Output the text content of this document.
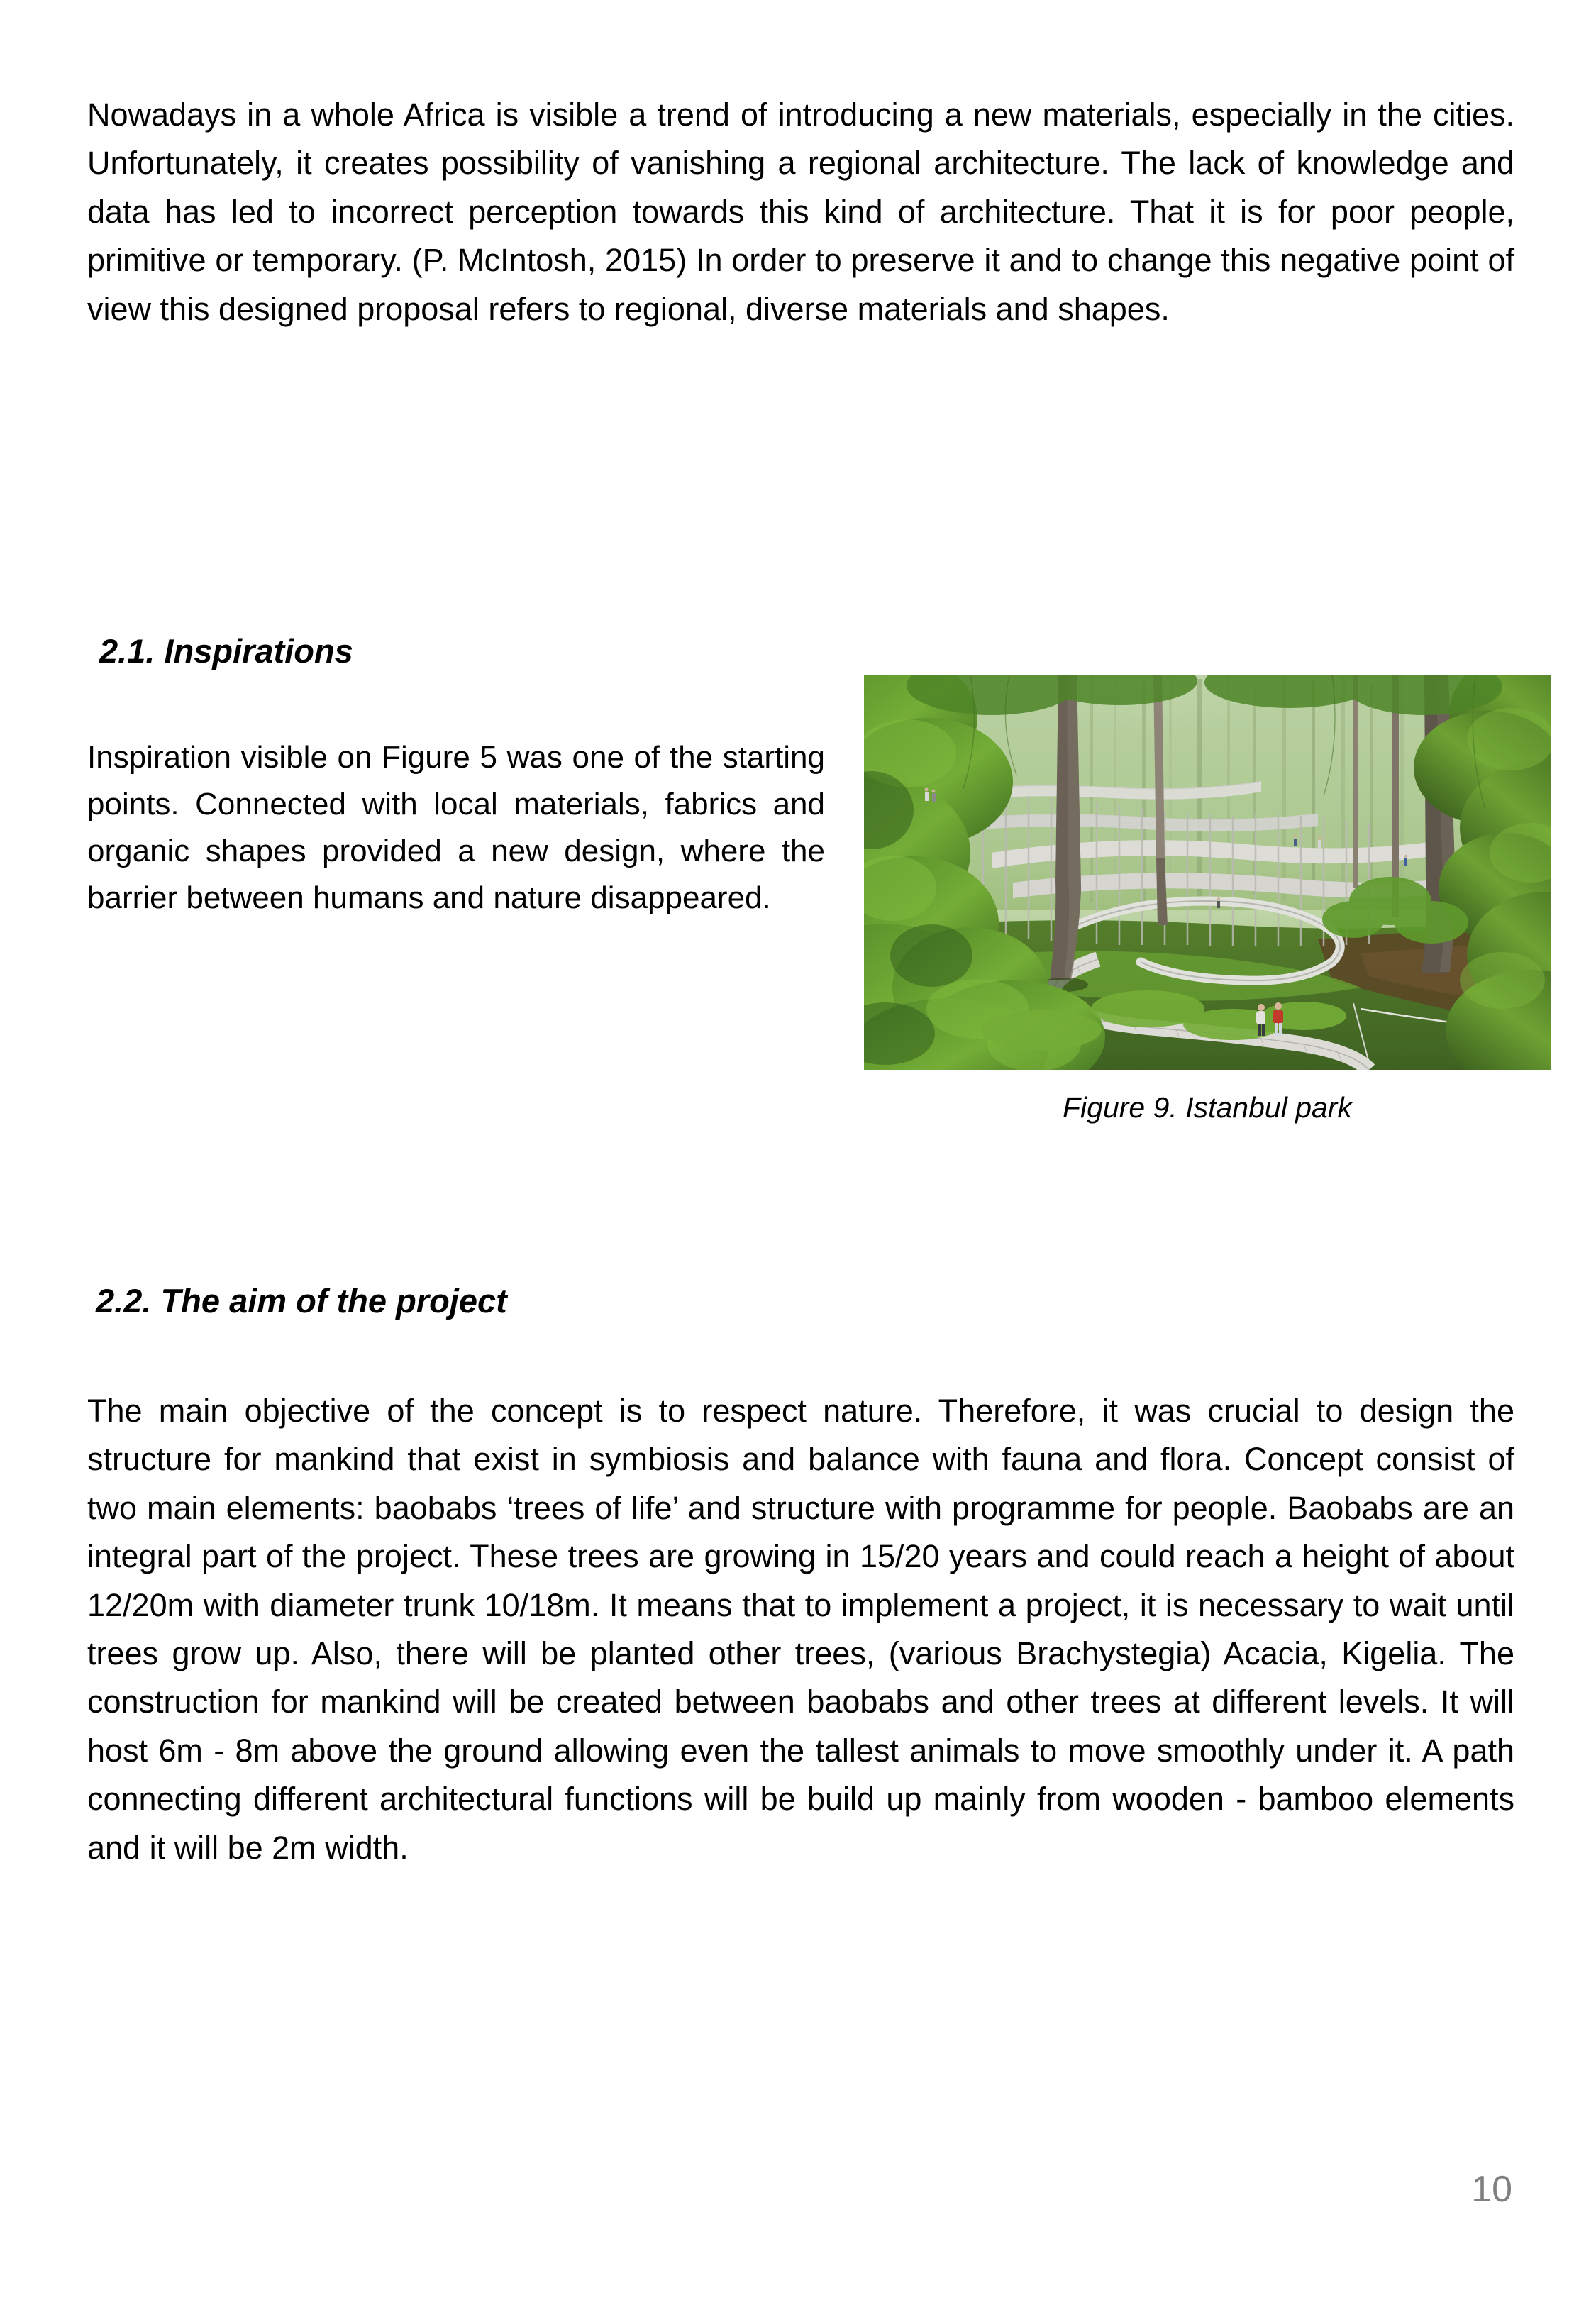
Nowadays in a whole Africa is visible a trend of introducing a new materials, especially in the cities. Unfortunately, it creates possibility of vanishing a regional architecture. The lack of knowledge and data has led to incorrect perception towards this kind of architecture. That it is for poor people, primitive or temporary. (P. McIntosh, 2015) In order to preserve it and to change this negative point of view this designed proposal refers to regional, diverse materials and shapes.
2.1. Inspirations
Inspiration visible on Figure 5 was one of the starting points. Connected with local materials, fabrics and organic shapes provided a new design, where the barrier between humans and nature disappeared.
Figure 9. Istanbul park
2.2. The aim of the project
The main objective of the concept is to respect nature. Therefore, it was crucial to design the structure for mankind that exist in symbiosis and balance with fauna and flora. Concept consist of two main elements: baobabs ‘trees of life’ and structure with programme for people. Baobabs are an integral part of the project. These trees are growing in 15/20 years and could reach a height of about 12/20m with diameter trunk 10/18m. It means that to implement a project, it is necessary to wait until trees grow up. Also, there will be planted other trees, (various Brachystegia) Acacia, Kigelia. The construction for mankind will be created between baobabs and other trees at different levels. It will host 6m - 8m above the ground allowing even the tallest animals to move smoothly under it. A path connecting different architectural functions will be build up mainly from wooden - bamboo elements and it will be 2m width.
10
